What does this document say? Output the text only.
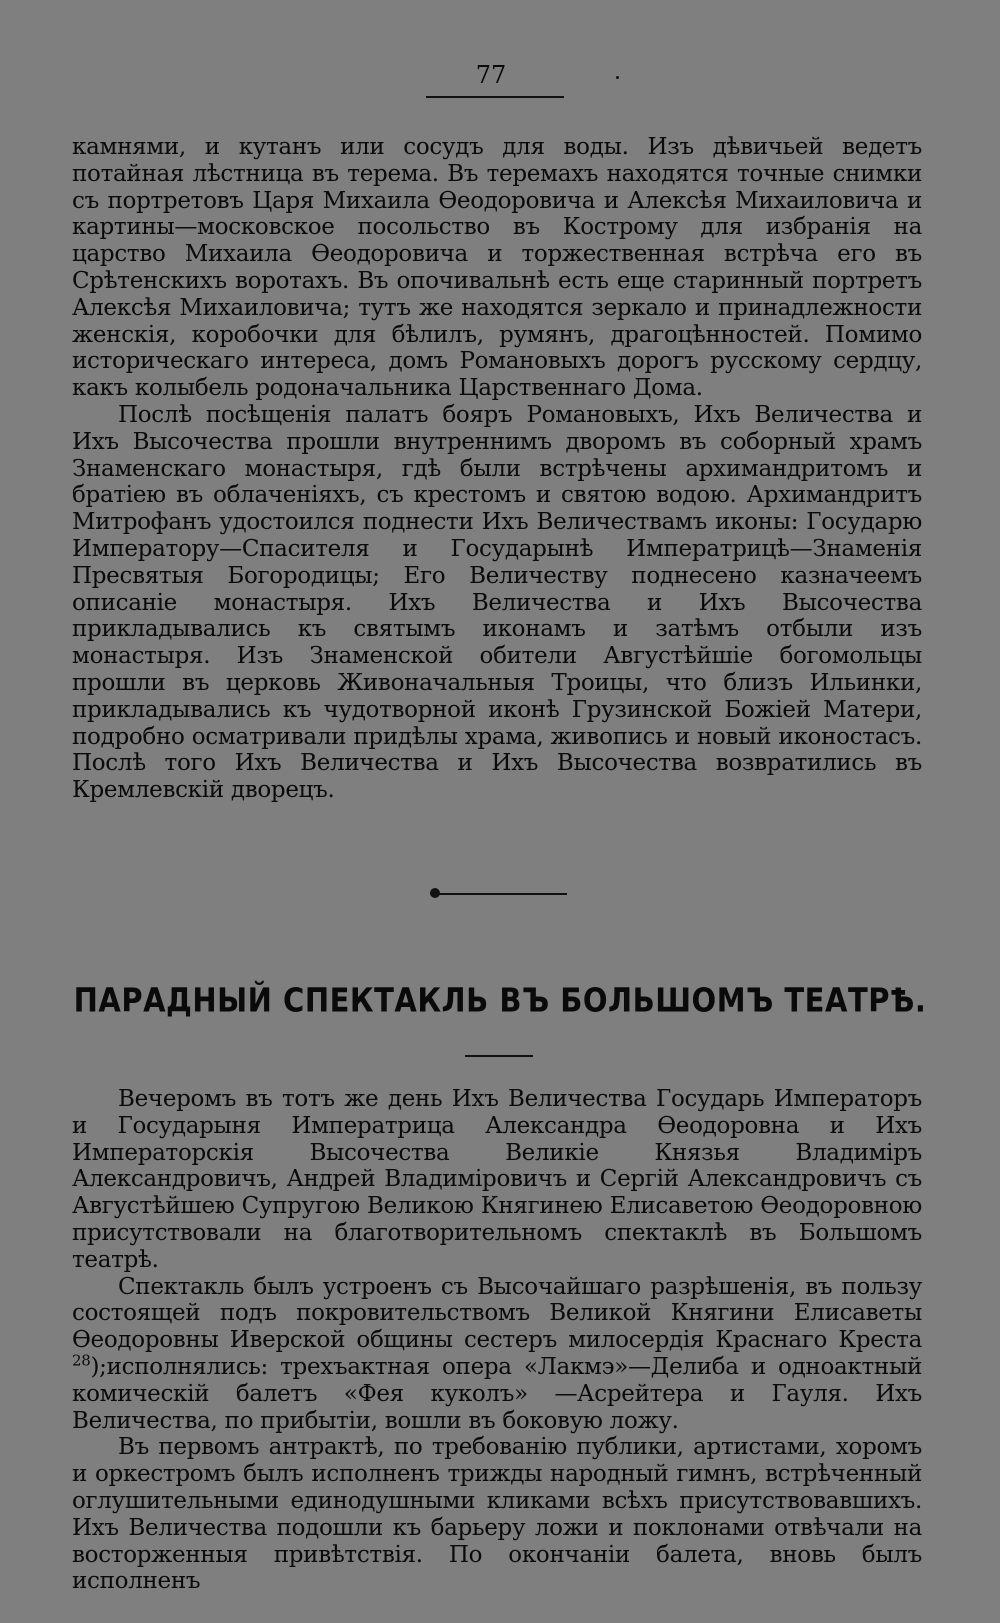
77

камнями, и кутанъ или сосудъ для воды. Изъ дѣвичьей ведетъ потайная лѣстница въ терема. Въ теремахъ находятся точные снимки съ портретовъ Царя Михаила Ѳеодоровича и Алексѣя Михаиловича и картины—московское посольство въ Кострому для избранія на царство Михаила Ѳеодоровича и торжественная встрѣча его въ Срѣтенскихъ воротахъ. Въ опочивальнѣ есть еще старинный портретъ Алексѣя Михаиловича; тутъ же находятся зеркало и принадлежности женскія, коробочки для бѣлилъ, румянъ, драгоцѣнностей. Помимо историческаго интереса, домъ Романовыхъ дорогъ русскому сердцу, какъ колыбель родоначальника Царственнаго Дома.

Послѣ посѣщенія палатъ бояръ Романовыхъ, Ихъ Величества и Ихъ Высочества прошли внутреннимъ дворомъ въ соборный храмъ Знаменскаго монастыря, гдѣ были встрѣчены архимандритомъ и братіею въ облаченіяхъ, съ крестомъ и святою водою. Архимандритъ Митрофанъ удостоился поднести Ихъ Величествамъ иконы: Государю Императору—Спасителя и Государынѣ Императрицѣ—Знаменія Пресвятыя Богородицы; Его Величеству поднесено казначеемъ описаніе монастыря. Ихъ Величества и Ихъ Высочества прикладывались къ святымъ иконамъ и затѣмъ отбыли изъ монастыря. Изъ Знаменской обители Августѣйшіе богомольцы прошли въ церковь Живоначальныя Троицы, что близъ Ильинки, прикладывались къ чудотворной иконѣ Грузинской Божіей Матери, подробно осматривали придѣлы храма, живопись и новый иконостасъ. Послѣ того Ихъ Величества и Ихъ Высочества возвратились въ Кремлевскій дворецъ.

ПАРАДНЫЙ СПЕКТАКЛЬ ВЪ БОЛЬШОМЪ ТЕАТРѢ.

Вечеромъ въ тотъ же день Ихъ Величества Государь Императоръ и Государыня Императрица Александра Ѳеодоровна и Ихъ Императорскія Высочества Великіе Князья Владиміръ Александровичъ, Андрей Владиміровичъ и Сергій Александровичъ съ Августѣйшею Супругою Великою Княгинею Елисаветою Ѳеодоровною присутствовали на благотворительномъ спектаклѣ въ Большомъ театрѣ.

Спектакль былъ устроенъ съ Высочайшаго разрѣшенія, въ пользу состоящей подъ покровительствомъ Великой Княгини Елисаветы Ѳеодоровны Иверской общины сестеръ милосердія Краснаго Креста $^{28}$);исполнялись: трехъактная опера «Лакмэ»—Делиба и одноактный комическій балетъ «Фея куколъ» —Асрейтера и Гауля. Ихъ Величества, по прибытіи, вошли въ боковую ложу.

Въ первомъ антрактѣ, по требованію публики, артистами, хоромъ и оркестромъ былъ исполненъ трижды народный гимнъ, встрѣченный оглушительными единодушными кликами всѣхъ присутствовавшихъ. Ихъ Величества подошли къ барьеру ложи и поклонами отвѣчали на восторженныя привѣтствія. По окончаніи балета, вновь былъ исполненъ
